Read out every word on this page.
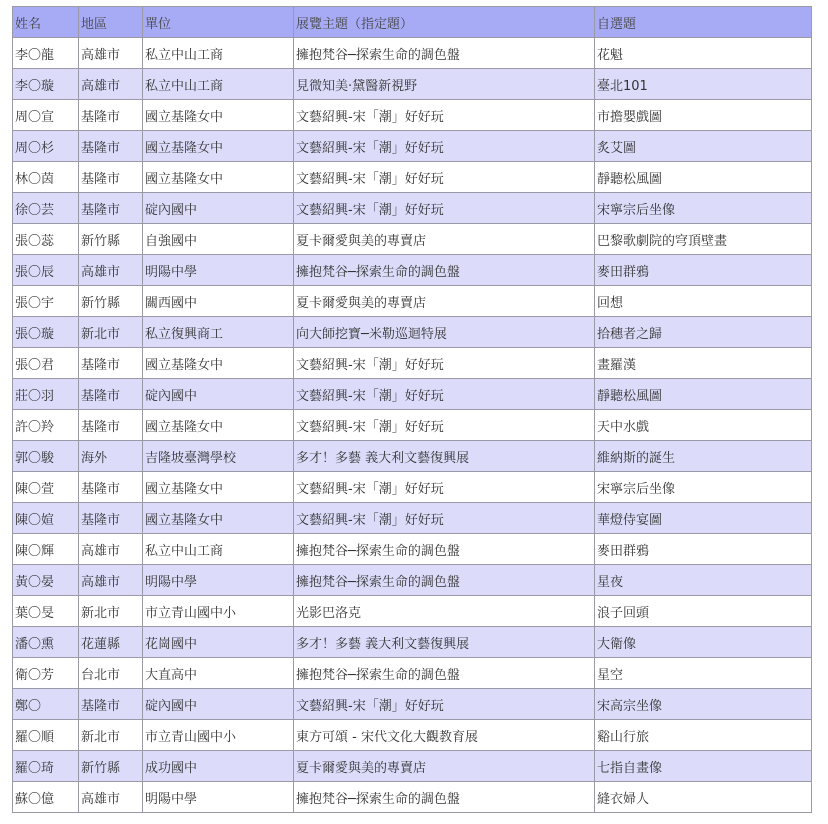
姓名	地區	單位	展覽主題（指定題）	自選題
李〇龍	高雄市	私立中山工商	擁抱梵谷─探索生命的調色盤	花魁
李〇璇	高雄市	私立中山工商	見微知美‧黛醫新視野	臺北101
周〇宣	基隆市	國立基隆女中	文藝紹興-宋「潮」好好玩	市擔嬰戲圖
周〇杉	基隆市	國立基隆女中	文藝紹興-宋「潮」好好玩	炙艾圖
林〇茵	基隆市	國立基隆女中	文藝紹興-宋「潮」好好玩	靜聽松風圖
徐〇芸	基隆市	碇內國中	文藝紹興-宋「潮」好好玩	宋寧宗后坐像
張〇蕊	新竹縣	自強國中	夏卡爾愛與美的專賣店	巴黎歌劇院的穹頂壁畫
張〇辰	高雄市	明陽中學	擁抱梵谷─探索生命的調色盤	麥田群鴉
張〇宇	新竹縣	關西國中	夏卡爾愛與美的專賣店	回想
張〇璇	新北市	私立復興商工	向大師挖寶─米勒巡迴特展	拾穗者之歸
張〇君	基隆市	國立基隆女中	文藝紹興-宋「潮」好好玩	畫羅漢
莊〇羽	基隆市	碇內國中	文藝紹興-宋「潮」好好玩	靜聽松風圖
許〇羚	基隆市	國立基隆女中	文藝紹興-宋「潮」好好玩	天中水戲
郭〇駿	海外	吉隆坡臺灣學校	多才！多藝 義大利文藝復興展	維納斯的誕生
陳〇萱	基隆市	國立基隆女中	文藝紹興-宋「潮」好好玩	宋寧宗后坐像
陳〇媗	基隆市	國立基隆女中	文藝紹興-宋「潮」好好玩	華燈侍宴圖
陳〇輝	高雄市	私立中山工商	擁抱梵谷─探索生命的調色盤	麥田群鴉
黃〇晏	高雄市	明陽中學	擁抱梵谷─探索生命的調色盤	星夜
葉〇旻	新北市	市立青山國中小	光影巴洛克	浪子回頭
潘〇熏	花蓮縣	花崗國中	多才！多藝 義大利文藝復興展	大衛像
衛〇芳	台北市	大直高中	擁抱梵谷─探索生命的調色盤	星空
鄭〇	基隆市	碇內國中	文藝紹興-宋「潮」好好玩	宋高宗坐像
羅〇順	新北市	市立青山國中小	東方可頌 - 宋代文化大觀教育展	谿山行旅
羅〇琦	新竹縣	成功國中	夏卡爾愛與美的專賣店	七指自畫像
蘇〇億	高雄市	明陽中學	擁抱梵谷─探索生命的調色盤	縫衣婦人
